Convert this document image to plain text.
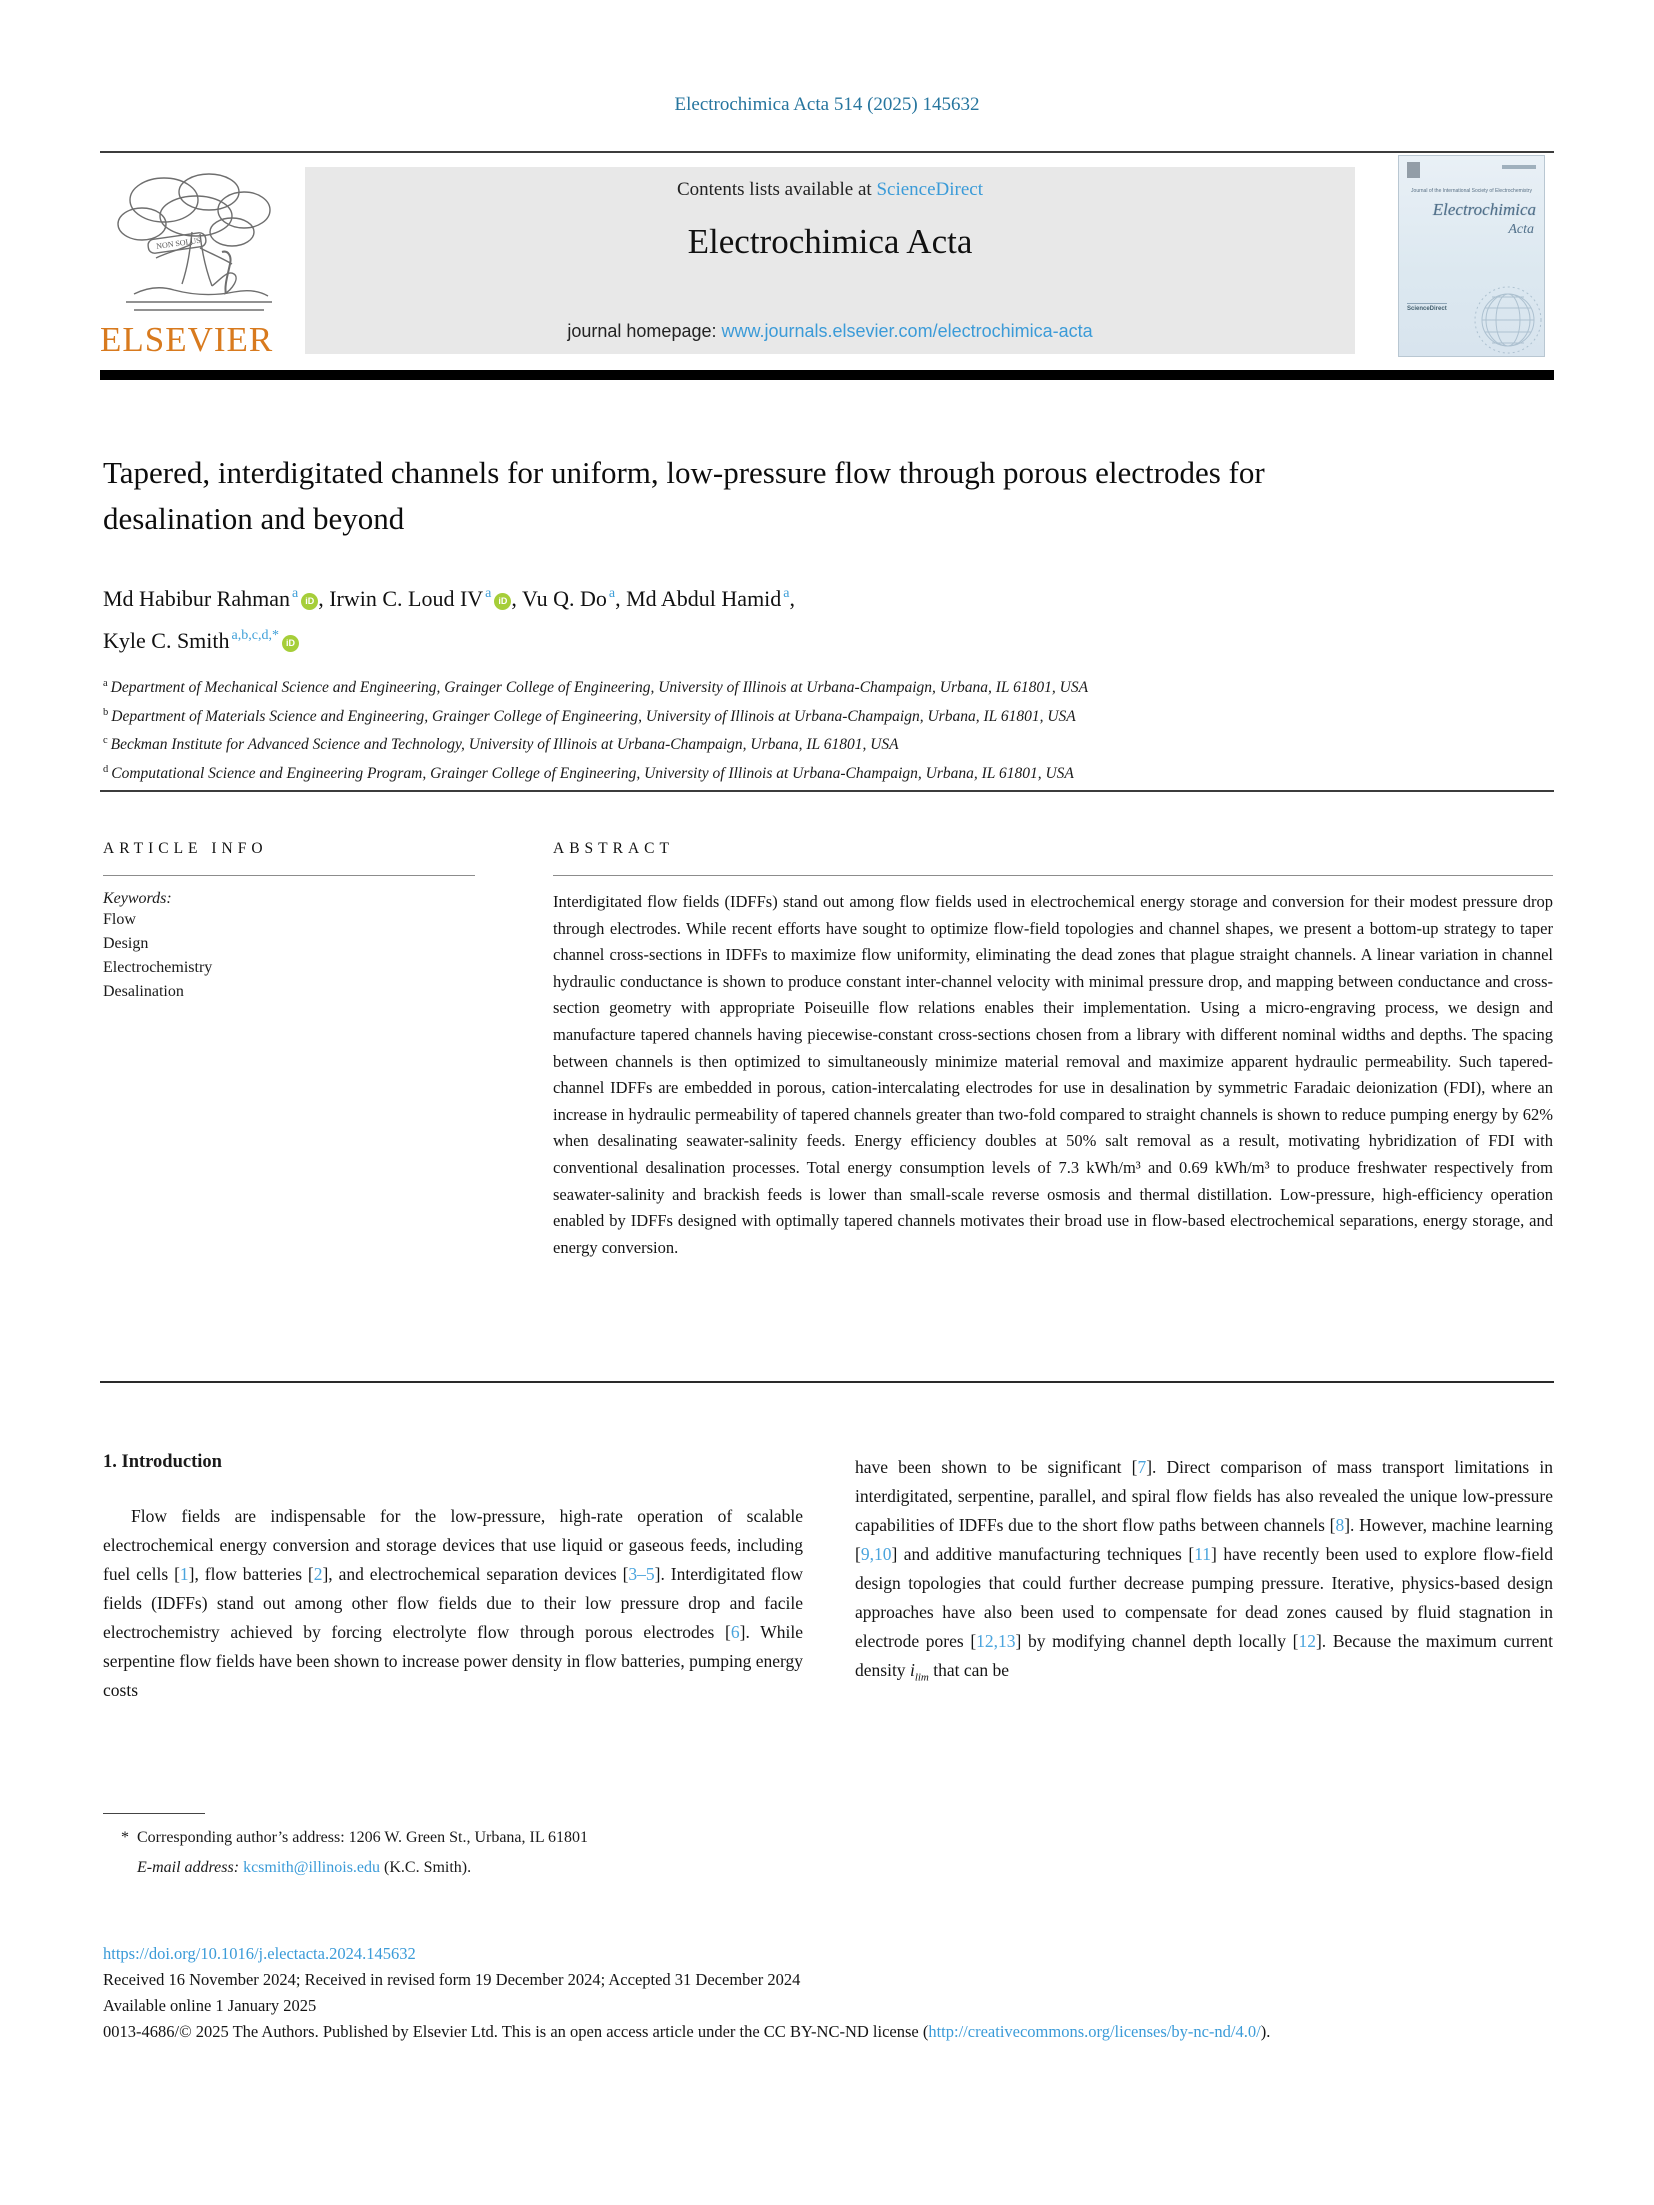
Electrochimica Acta 514 (2025) 145632
NON SOLUS
ELSEVIER
Contents lists available at ScienceDirect
Electrochimica Acta
journal homepage: www.journals.elsevier.com/electrochimica-acta
Journal of the International Society of Electrochemistry
Electrochimica
Acta
ScienceDirect
Tapered, interdigitated channels for uniform, low-pressure flow through porous electrodes for desalination and beyond
Md Habibur Rahman $^a$ iD , Irwin C. Loud IV $^a$ iD , Vu Q. Do $^a$, Md Abdul Hamid $^a$,
Kyle C. Smith $^{a,b,c,d,*}$ iD
$^a$ Department of Mechanical Science and Engineering, Grainger College of Engineering, University of Illinois at Urbana-Champaign, Urbana, IL 61801, USA
$^b$ Department of Materials Science and Engineering, Grainger College of Engineering, University of Illinois at Urbana-Champaign, Urbana, IL 61801, USA
$^c$ Beckman Institute for Advanced Science and Technology, University of Illinois at Urbana-Champaign, Urbana, IL 61801, USA
$^d$ Computational Science and Engineering Program, Grainger College of Engineering, University of Illinois at Urbana-Champaign, Urbana, IL 61801, USA
ARTICLE INFO
Keywords:
Flow
Design
Electrochemistry
Desalination
ABSTRACT
Interdigitated flow fields (IDFFs) stand out among flow fields used in electrochemical energy storage and conversion for their modest pressure drop through electrodes. While recent efforts have sought to optimize flow-field topologies and channel shapes, we present a bottom-up strategy to taper channel cross-sections in IDFFs to maximize flow uniformity, eliminating the dead zones that plague straight channels. A linear variation in channel hydraulic conductance is shown to produce constant inter-channel velocity with minimal pressure drop, and mapping between conductance and cross-section geometry with appropriate Poiseuille flow relations enables their implementation. Using a micro-engraving process, we design and manufacture tapered channels having piecewise-constant cross-sections chosen from a library with different nominal widths and depths. The spacing between channels is then optimized to simultaneously minimize material removal and maximize apparent hydraulic permeability. Such tapered-channel IDFFs are embedded in porous, cation-intercalating electrodes for use in desalination by symmetric Faradaic deionization (FDI), where an increase in hydraulic permeability of tapered channels greater than two-fold compared to straight channels is shown to reduce pumping energy by 62% when desalinating seawater-salinity feeds. Energy efficiency doubles at 50% salt removal as a result, motivating hybridization of FDI with conventional desalination processes. Total energy consumption levels of 7.3 kWh/m³ and 0.69 kWh/m³ to produce freshwater respectively from seawater-salinity and brackish feeds is lower than small-scale reverse osmosis and thermal distillation. Low-pressure, high-efficiency operation enabled by IDFFs designed with optimally tapered channels motivates their broad use in flow-based electrochemical separations, energy storage, and energy conversion.
1. Introduction
Flow fields are indispensable for the low-pressure, high-rate operation of scalable electrochemical energy conversion and storage devices that use liquid or gaseous feeds, including fuel cells [1], flow batteries [2], and electrochemical separation devices [3–5]. Interdigitated flow fields (IDFFs) stand out among other flow fields due to their low pressure drop and facile electrochemistry achieved by forcing electrolyte flow through porous electrodes [6]. While serpentine flow fields have been shown to increase power density in flow batteries, pumping energy costs
have been shown to be significant [7]. Direct comparison of mass transport limitations in interdigitated, serpentine, parallel, and spiral flow fields has also revealed the unique low-pressure capabilities of IDFFs due to the short flow paths between channels [8]. However, machine learning [9,10] and additive manufacturing techniques [11] have recently been used to explore flow-field design topologies that could further decrease pumping pressure. Iterative, physics-based design approaches have also been used to compensate for dead zones caused by fluid stagnation in electrode pores [12,13] by modifying channel depth locally [12]. Because the maximum current density $i_{lim}$ that can be
* Corresponding author’s address: 1206 W. Green St., Urbana, IL 61801
E-mail address: kcsmith@illinois.edu (K.C. Smith).
https://doi.org/10.1016/j.electacta.2024.145632
Received 16 November 2024; Received in revised form 19 December 2024; Accepted 31 December 2024
Available online 1 January 2025
0013-4686/© 2025 The Authors. Published by Elsevier Ltd. This is an open access article under the CC BY-NC-ND license (http://creativecommons.org/licenses/by-nc-nd/4.0/).
